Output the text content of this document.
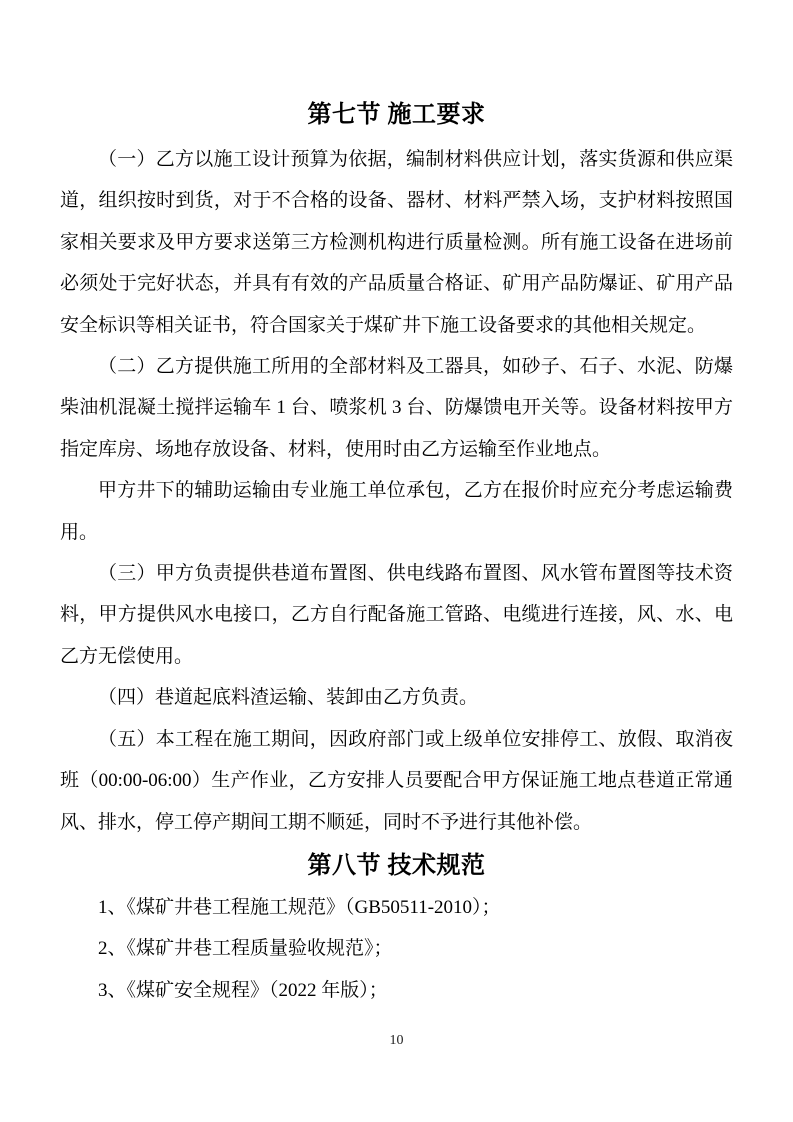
第七节 施工要求

（一）乙方以施工设计预算为依据，编制材料供应计划，落实货源和供应渠道，组织按时到货，对于不合格的设备、器材、材料严禁入场，支护材料按照国家相关要求及甲方要求送第三方检测机构进行质量检测。所有施工设备在进场前必须处于完好状态，并具有有效的产品质量合格证、矿用产品防爆证、矿用产品安全标识等相关证书，符合国家关于煤矿井下施工设备要求的其他相关规定。

（二）乙方提供施工所用的全部材料及工器具，如砂子、石子、水泥、防爆柴油机混凝土搅拌运输车 1 台、喷浆机 3 台、防爆馈电开关等。设备材料按甲方指定库房、场地存放设备、材料，使用时由乙方运输至作业地点。

甲方井下的辅助运输由专业施工单位承包，乙方在报价时应充分考虑运输费用。

（三）甲方负责提供巷道布置图、供电线路布置图、风水管布置图等技术资料，甲方提供风水电接口，乙方自行配备施工管路、电缆进行连接，风、水、电乙方无偿使用。

（四）巷道起底料渣运输、装卸由乙方负责。

（五）本工程在施工期间，因政府部门或上级单位安排停工、放假、取消夜班（00:00-06:00）生产作业，乙方安排人员要配合甲方保证施工地点巷道正常通风、排水，停工停产期间工期不顺延，同时不予进行其他补偿。

第八节 技术规范

1、《煤矿井巷工程施工规范》（GB50511-2010）；

2、《煤矿井巷工程质量验收规范》；

3、《煤矿安全规程》（2022 年版）；

10
